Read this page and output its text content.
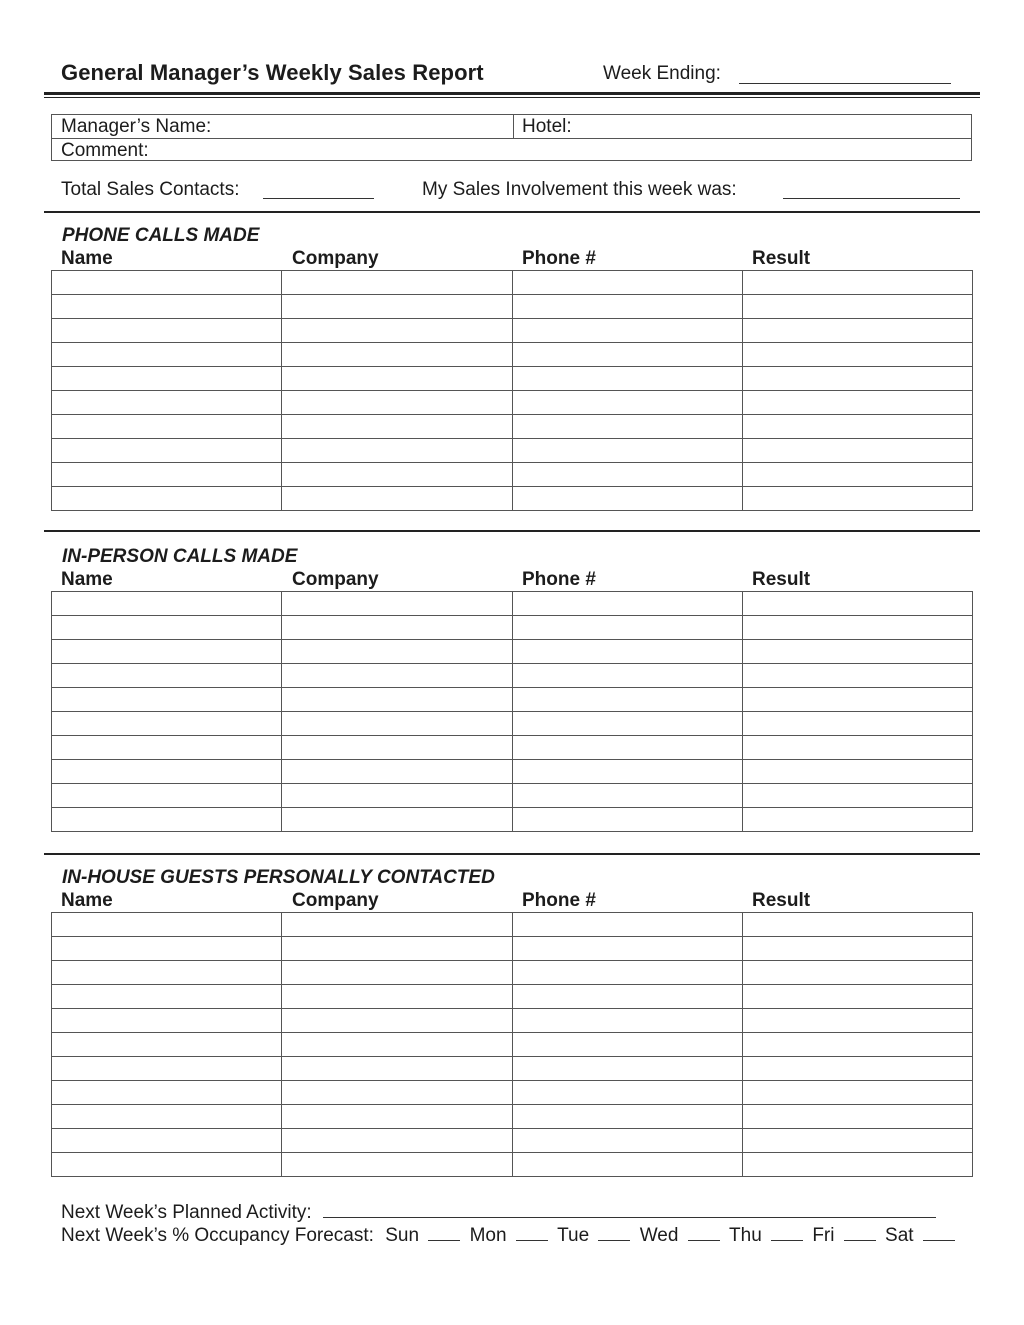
General Manager’s Weekly Sales Report	Week Ending:
Manager’s Name:	Hotel:
Comment:
Total Sales Contacts:	My Sales Involvement this week was:
PHONE CALLS MADE
Name	Company	Phone #	Result

IN-PERSON CALLS MADE
Name	Company	Phone #	Result

IN-HOUSE GUESTS PERSONALLY CONTACTED
Name	Company	Phone #	Result

Next Week’s Planned Activity:
Next Week’s % Occupancy Forecast: Sun	Mon	Tue	Wed	Thu	Fri	Sat
